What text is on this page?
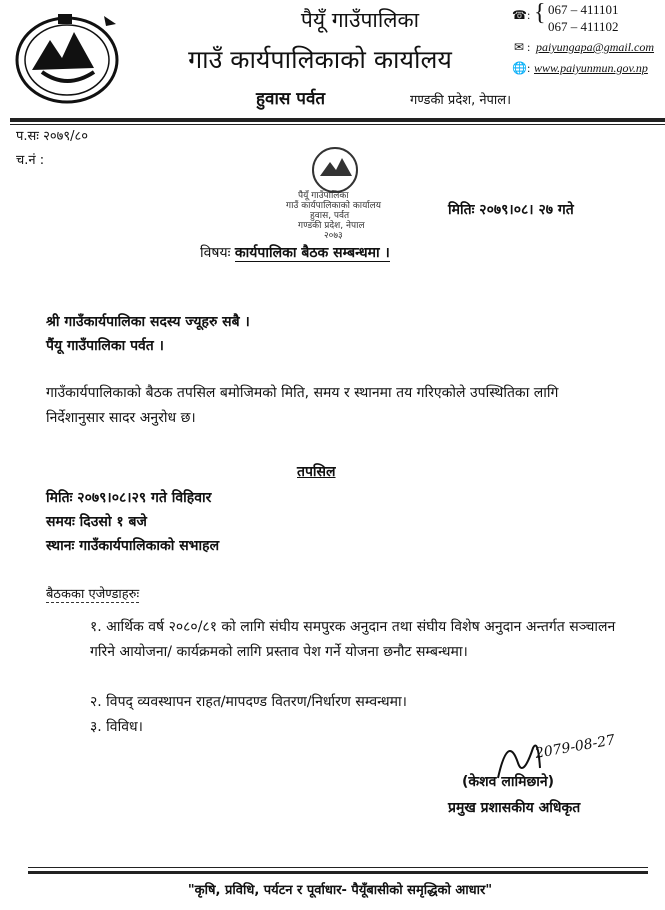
पैयूँ गाउँपालिका
गाउँ कार्यपालिकाको कार्यालय
हुवास पर्वत	गण्डकी प्रदेश, नेपाल।
☎: { 067 – 411101
067 – 411102
✉ : paiyungapa@gmail.com
🌐: www.paiyunmun.gov.np
प.सः २०७९/८०
च.नं :
पैयूँ गाउँपालिका
गाउँ कार्यपालिकाको कार्यालय
हुवास, पर्वत
गण्डकी प्रदेश, नेपाल
२०७३
मितिः २०७९।०८। २७ गते
विषयः कार्यपालिका बैठक सम्बन्धमा ।
श्री गाउँकार्यपालिका सदस्य ज्यूहरु सबै ।
पैंयू गाउँपालिका पर्वत ।
गाउँकार्यपालिकाको बैठक तपसिल बमोजिमको मिति, समय र स्थानमा तय गरिएकोले उपस्थितिका लागि निर्देशानुसार सादर अनुरोध छ।
तपसिल
मितिः २०७९।०८।२९ गते विहिवार
समयः दिउसो १ बजे
स्थानः गाउँकार्यपालिकाको सभाहल
बैठकका एजेण्डाहरुः
१. आर्थिक वर्ष २०८०/८१ को लागि संघीय समपुरक अनुदान तथा संघीय विशेष अनुदान अन्तर्गत सञ्चालन गरिने आयोजना/ कार्यक्रमको लागि प्रस्ताव पेश गर्ने योजना छनौट सम्बन्धमा।
२. विपद् व्यवस्थापन राहत/मापदण्ड वितरण/निर्धारण सम्वन्धमा।
३. विविध।
2079-08-27
(केशव लामिछाने)
प्रमुख प्रशासकीय अधिकृत
"कृषि, प्रविधि, पर्यटन र पूर्वाधार- पैयूँबासीको समृद्धिको आधार"
